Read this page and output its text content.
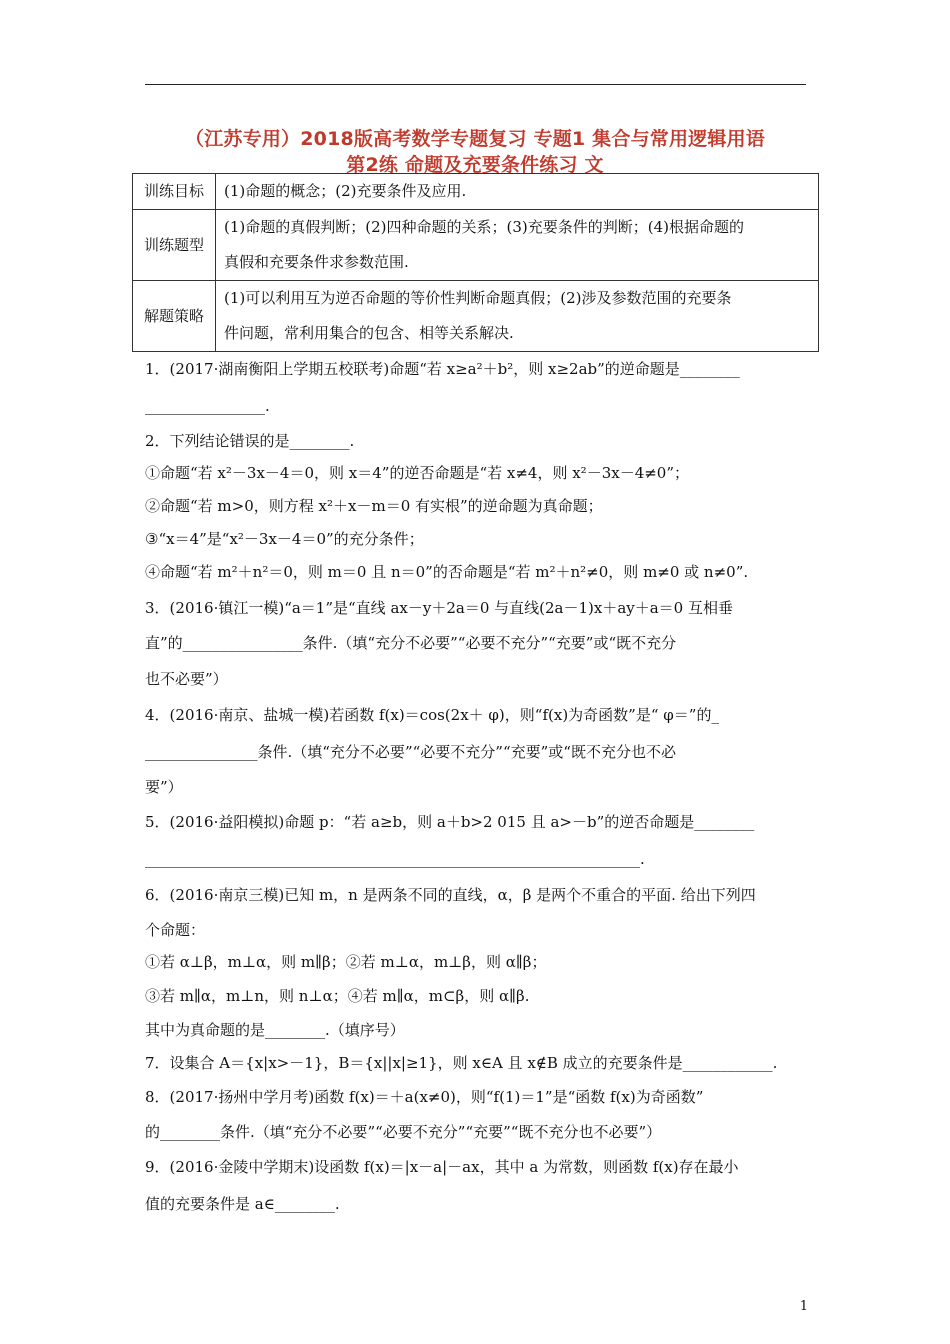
（江苏专用）2018版高考数学专题复习 专题1 集合与常用逻辑用语
第2练 命题及充要条件练习 文
训练目标	(1)命题的概念；(2)充要条件及应用.
训练题型	(1)命题的真假判断；(2)四种命题的关系；(3)充要条件的判断；(4)根据命题的
真假和充要条件求参数范围.
解题策略	(1)可以利用互为逆否命题的等价性判断命题真假；(2)涉及参数范围的充要条
件问题，常利用集合的包含、相等关系解决.
1．(2017·湖南衡阳上学期五校联考)命题“若 x≥a²＋b²，则 x≥2ab”的逆命题是________
________________.
2．下列结论错误的是________.
①命题“若 x²－3x－4＝0，则 x＝4”的逆否命题是“若 x≠4，则 x²－3x－4≠0”；
②命题“若 m>0，则方程 x²＋x－m＝0 有实根”的逆命题为真命题；
③“x＝4”是“x²－3x－4＝0”的充分条件；
④命题“若 m²＋n²＝0，则 m＝0 且 n＝0”的否命题是“若 m²＋n²≠0，则 m≠0 或 n≠0”.
3．(2016·镇江一模)“a＝1”是“直线 ax－y＋2a＝0 与直线(2a－1)x＋ay＋a＝0 互相垂
直”的________________条件.（填“充分不必要”“必要不充分”“充要”或“既不充分
也不必要”）
4．(2016·南京、盐城一模)若函数 f(x)＝cos(2x＋ φ)，则“f(x)为奇函数”是“ φ＝”的_
_______________条件.（填“充分不必要”“必要不充分”“充要”或“既不充分也不必
要”）
5．(2016·益阳模拟)命题 p：“若 a≥b，则 a＋b>2 015 且 a>－b”的逆否命题是________
__________________________________________________________________.
6．(2016·南京三模)已知 m，n 是两条不同的直线，α，β 是两个不重合的平面. 给出下列四
个命题：
①若 α⊥β，m⊥α，则 m∥β；②若 m⊥α，m⊥β，则 α∥β；
③若 m∥α，m⊥n，则 n⊥α；④若 m∥α，m⊂β，则 α∥β.
其中为真命题的是________.（填序号）
7．设集合 A＝{x|x>－1}，B＝{x||x|≥1}，则 x∈A 且 x∉B 成立的充要条件是____________.
8．(2017·扬州中学月考)函数 f(x)＝＋a(x≠0)，则“f(1)＝1”是“函数 f(x)为奇函数”
的________条件.（填“充分不必要”“必要不充分”“充要”“既不充分也不必要”）
9．(2016·金陵中学期末)设函数 f(x)＝|x－a|－ax，其中 a 为常数，则函数 f(x)存在最小
值的充要条件是 a∈________.
1
